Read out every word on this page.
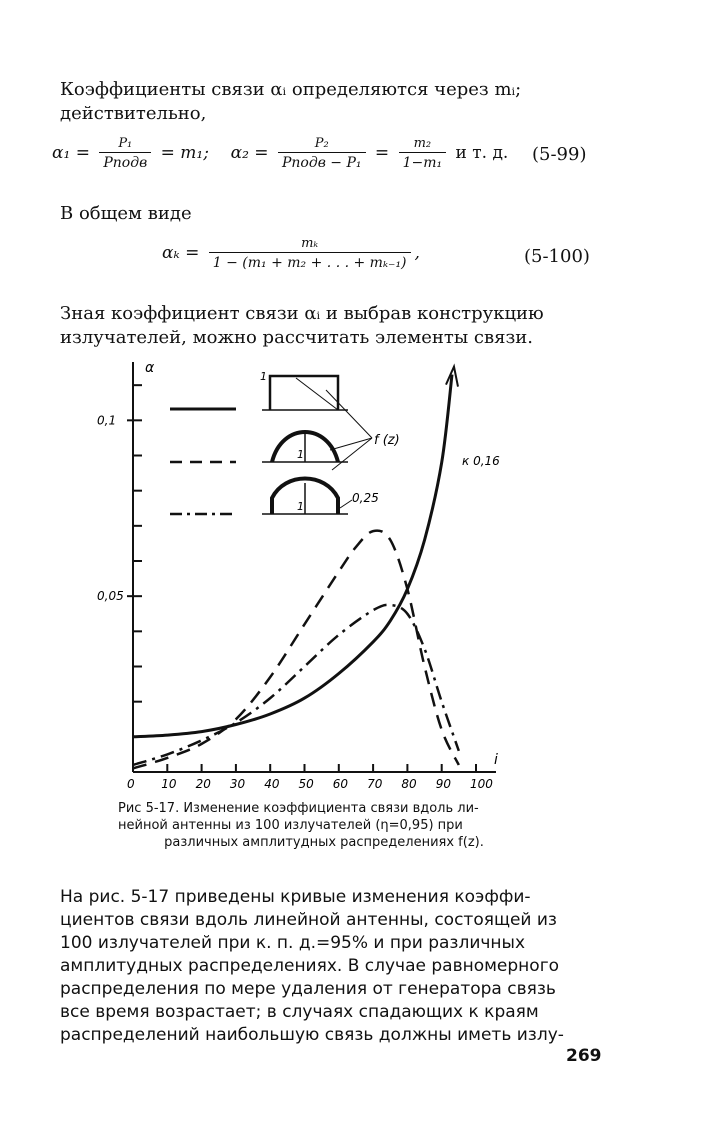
Коэффициенты связи αᵢ определяются через mᵢ;
действительно,
$\alpha_1 = \frac{\text{P₁}}{\text{Pподв}} = m_1$; $\alpha_2 = \frac{\text{P₂}}{\text{Pподв − P₁}} = \frac{\text{m₂}}{\text{1−m₁}}$ и т. д. (5-99)
В общем виде
$\alpha_k = \frac{\text{mₖ}}{\text{1 − (m₁ + m₂ + . . . + mₖ₋₁)}}$ ,	(5-100)
Зная коэффициент связи αᵢ и выбрав конструкцию
излучателей, можно рассчитать элементы связи.
0,05
0,1
0 10 20 30 40 50 60 70 80 90 100
α
i
1
1
1
f (z)
0,25
к 0,16
Рис 5-17. Изменение коэффициента связи вдоль ли-
нейной антенны из 100 излучателей (η=0,95) при
различных амплитудных распределениях f(z).
На рис. 5-17 приведены кривые изменения коэффи-
циентов связи вдоль линейной антенны, состоящей из
100 излучателей при к. п. д.=95% и при различных
амплитудных распределениях. В случае равномерного
распределения по мере удаления от генератора связь
все время возрастает; в случаях спадающих к краям
распределений наибольшую связь должны иметь излу-
269
